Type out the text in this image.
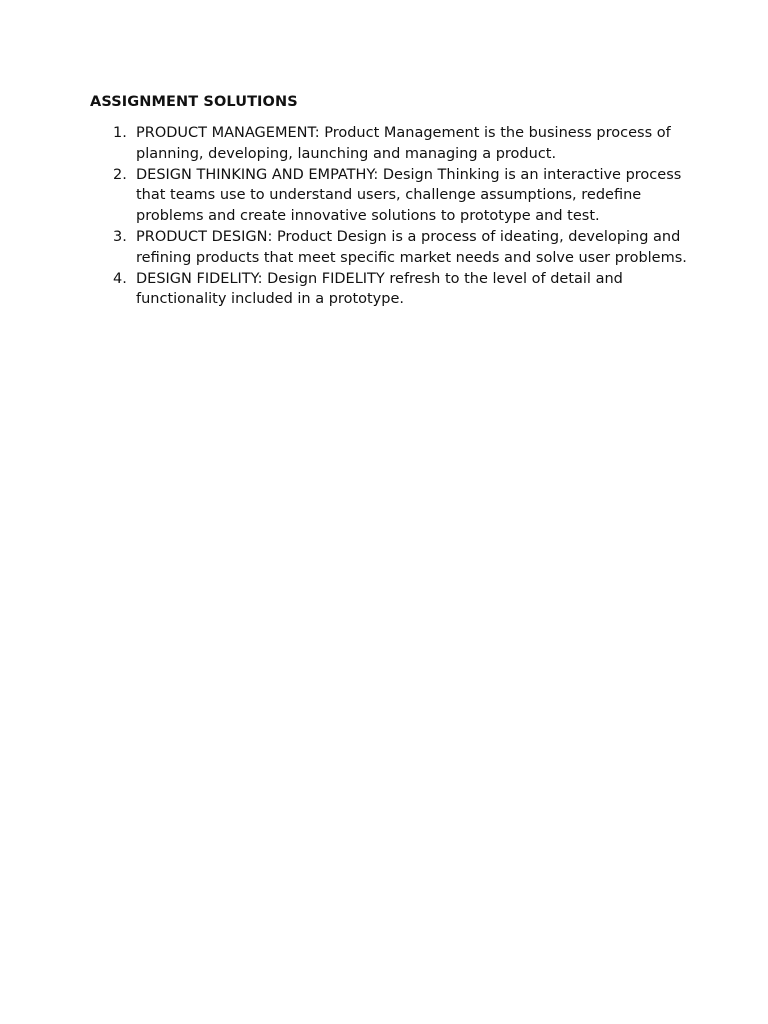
ASSIGNMENT SOLUTIONS
1. PRODUCT MANAGEMENT: Product Management is the business process of planning, developing, launching and managing a product.
2. DESIGN THINKING AND EMPATHY: Design Thinking is an interactive process that teams use to understand users, challenge assumptions, redefine problems and create innovative solutions to prototype and test.
3. PRODUCT DESIGN: Product Design is a process of ideating, developing and refining products that meet specific market needs and solve user problems.
4. DESIGN FIDELITY: Design FIDELITY refresh to the level of detail and functionality included in a prototype.
